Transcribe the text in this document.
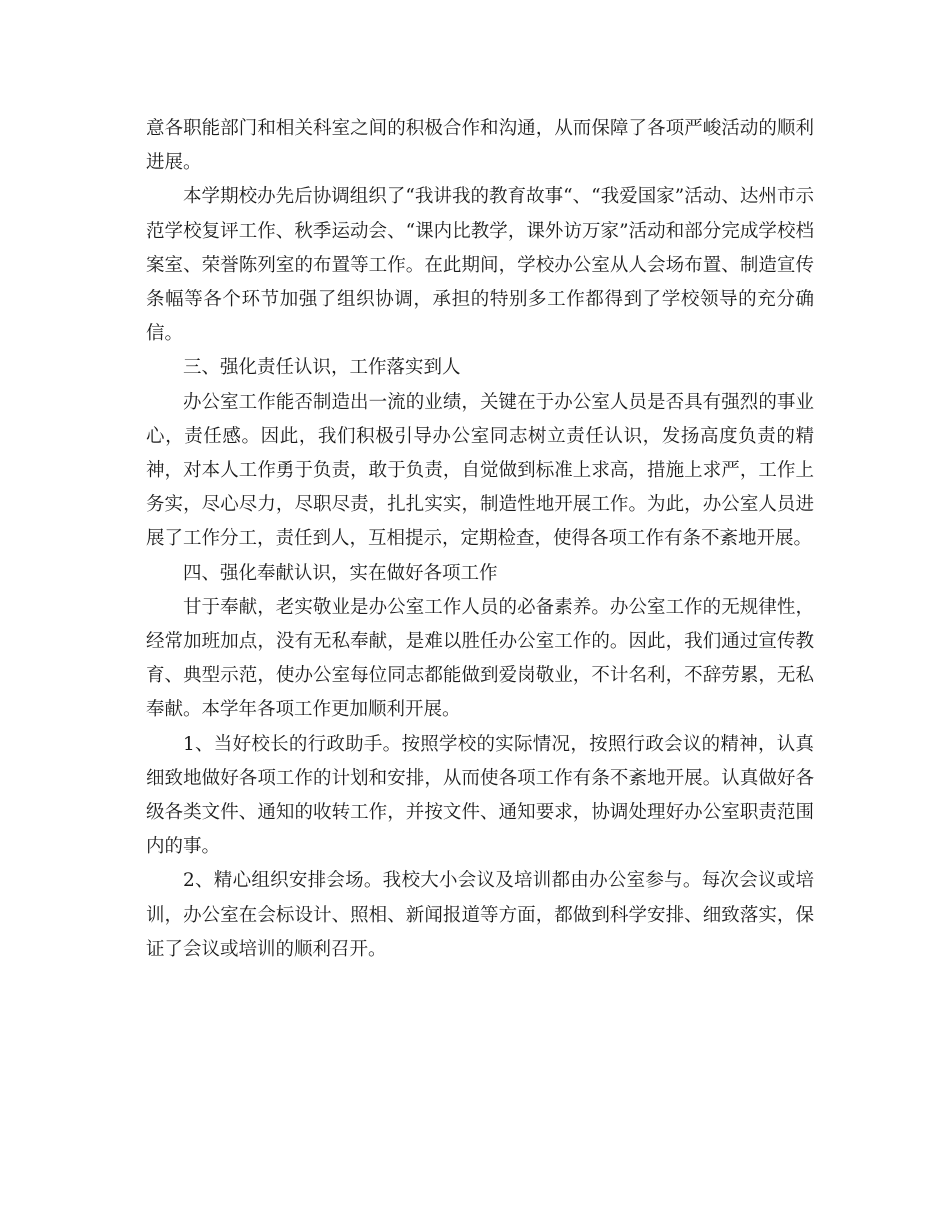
意各职能部门和相关科室之间的积极合作和沟通，从而保障了各项严峻活动的顺利进展。

本学期校办先后协调组织了“我讲我的教育故事“、“我爱国家”活动、达州市示范学校复评工作、秋季运动会、“课内比教学，课外访万家”活动和部分完成学校档案室、荣誉陈列室的布置等工作。在此期间，学校办公室从人会场布置、制造宣传条幅等各个环节加强了组织协调，承担的特别多工作都得到了学校领导的充分确信。

三、强化责任认识，工作落实到人

办公室工作能否制造出一流的业绩，关键在于办公室人员是否具有强烈的事业心，责任感。因此，我们积极引导办公室同志树立责任认识，发扬高度负责的精神，对本人工作勇于负责，敢于负责，自觉做到标准上求高，措施上求严，工作上务实，尽心尽力，尽职尽责，扎扎实实，制造性地开展工作。为此，办公室人员进展了工作分工，责任到人，互相提示，定期检查，使得各项工作有条不紊地开展。

四、强化奉献认识，实在做好各项工作

甘于奉献，老实敬业是办公室工作人员的必备素养。办公室工作的无规律性，经常加班加点，没有无私奉献，是难以胜任办公室工作的。因此，我们通过宣传教育、典型示范，使办公室每位同志都能做到爱岗敬业，不计名利，不辞劳累，无私奉献。本学年各项工作更加顺利开展。

1、当好校长的行政助手。按照学校的实际情况，按照行政会议的精神，认真细致地做好各项工作的计划和安排，从而使各项工作有条不紊地开展。认真做好各级各类文件、通知的收转工作，并按文件、通知要求，协调处理好办公室职责范围内的事。

2、精心组织安排会场。我校大小会议及培训都由办公室参与。每次会议或培训，办公室在会标设计、照相、新闻报道等方面，都做到科学安排、细致落实，保证了会议或培训的顺利召开。
